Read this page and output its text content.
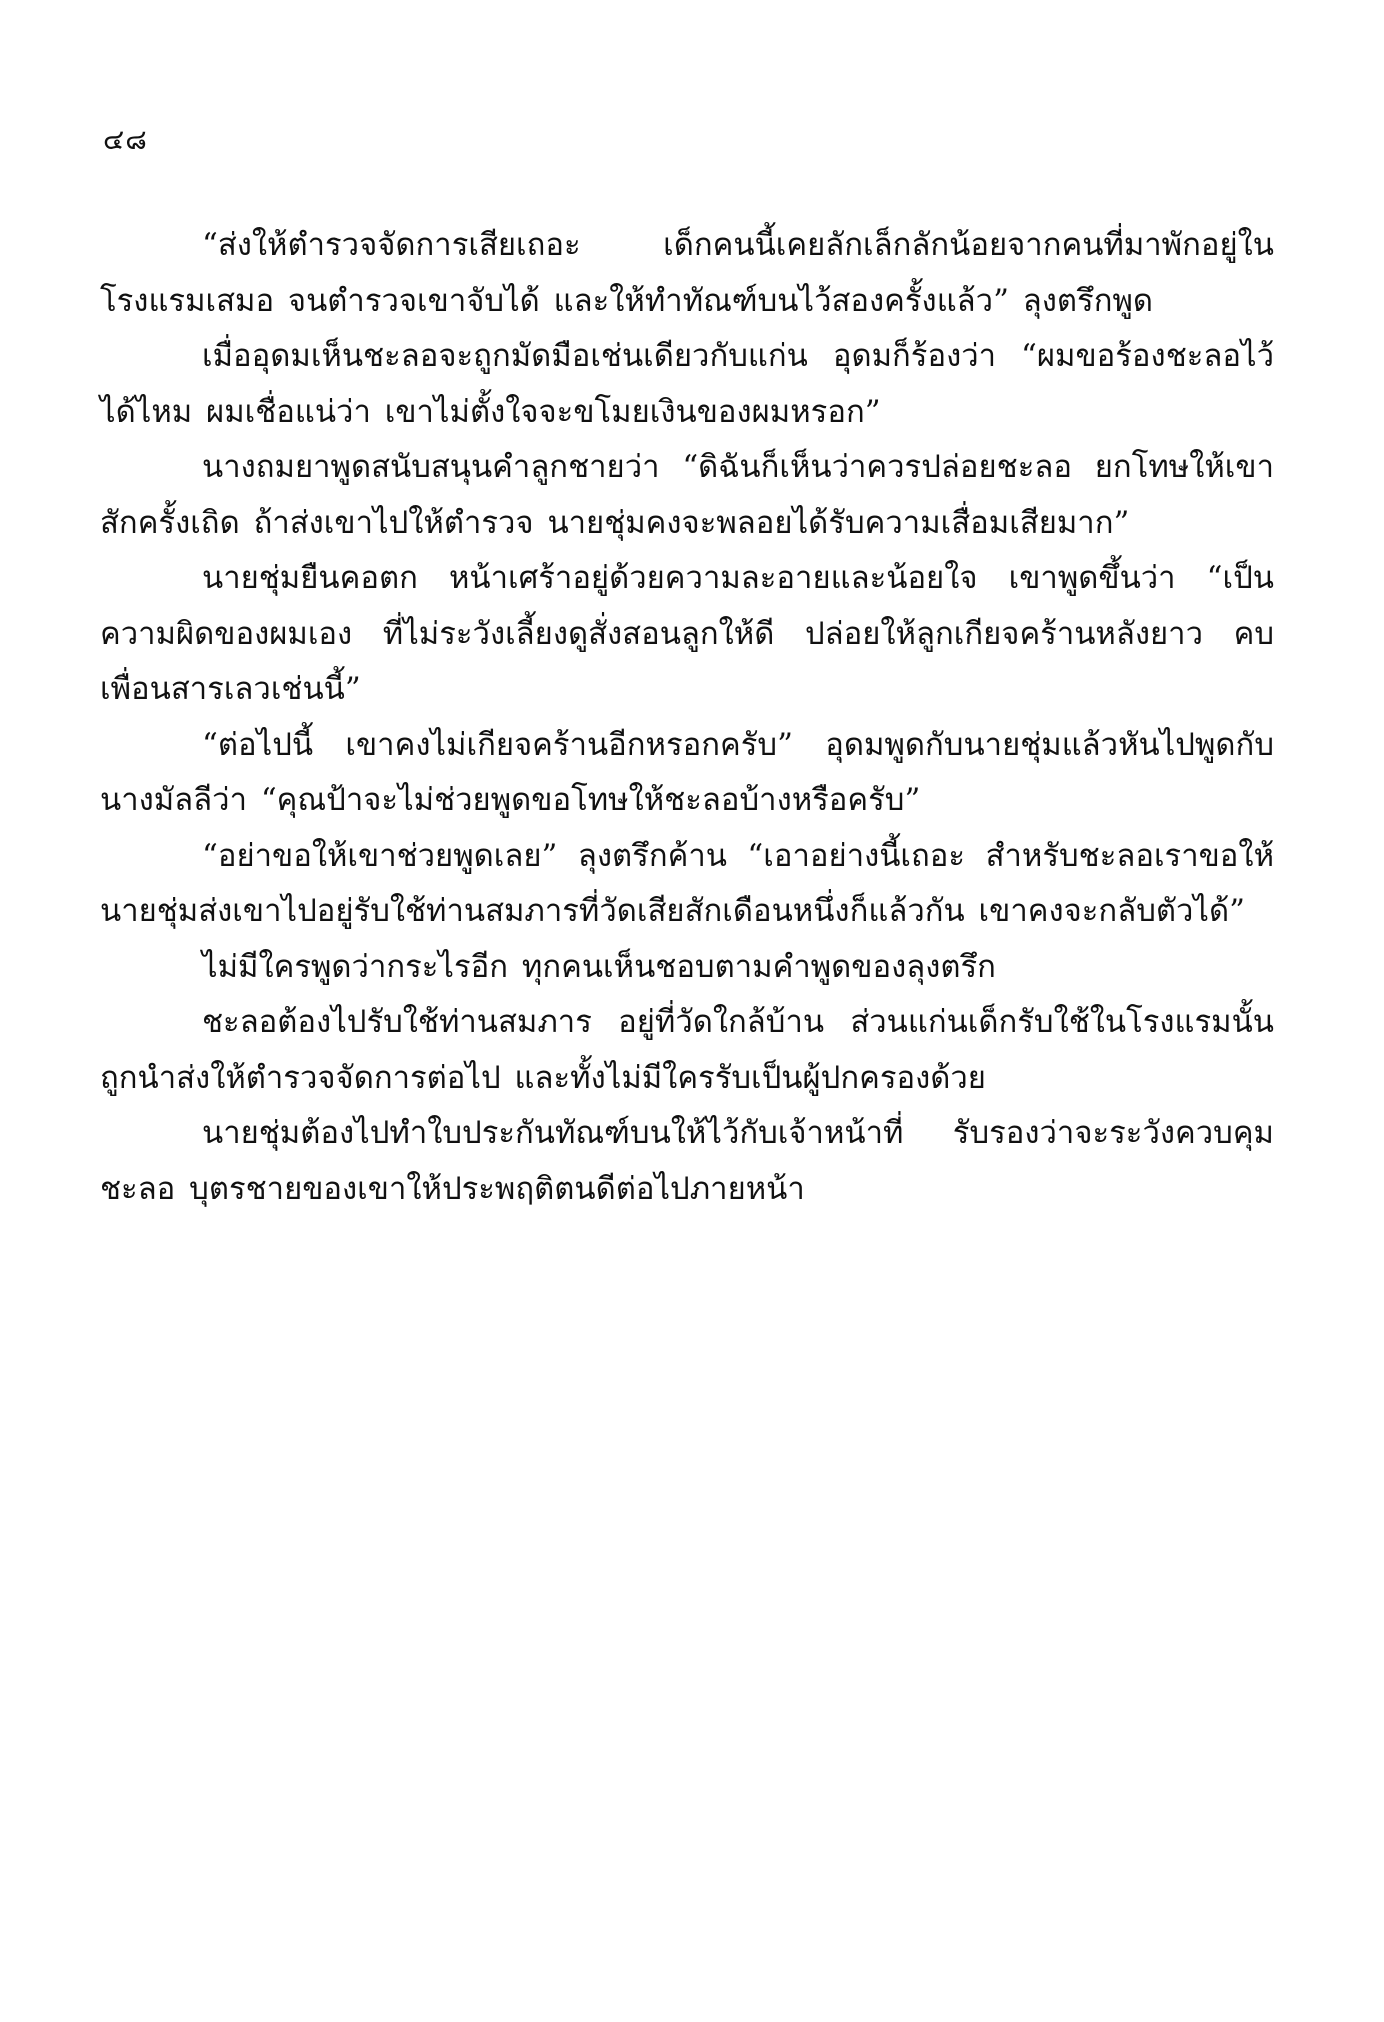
๔๘

“ส่งให้ตำรวจจัดการเสียเถอะ เด็กคนนี้เคยลักเล็กลักน้อยจากคนที่มาพักอยู่ในโรงแรมเสมอ จนตำรวจเขาจับได้ และให้ทำทัณฑ์บนไว้สองครั้งแล้ว” ลุงตรึกพูด

เมื่ออุดมเห็นชะลอจะถูกมัดมือเช่นเดียวกับแก่น อุดมก็ร้องว่า “ผมขอร้องชะลอไว้ได้ไหม ผมเชื่อแน่ว่า เขาไม่ตั้งใจจะขโมยเงินของผมหรอก”

นางถมยาพูดสนับสนุนคำลูกชายว่า “ดิฉันก็เห็นว่าควรปล่อยชะลอ ยกโทษให้เขาสักครั้งเถิด ถ้าส่งเขาไปให้ตำรวจ นายชุ่มคงจะพลอยได้รับความเสื่อมเสียมาก”

นายชุ่มยืนคอตก หน้าเศร้าอยู่ด้วยความละอายและน้อยใจ เขาพูดขึ้นว่า “เป็นความผิดของผมเอง ที่ไม่ระวังเลี้ยงดูสั่งสอนลูกให้ดี ปล่อยให้ลูกเกียจคร้านหลังยาว คบเพื่อนสารเลวเช่นนี้”

“ต่อไปนี้ เขาคงไม่เกียจคร้านอีกหรอกครับ” อุดมพูดกับนายชุ่มแล้วหันไปพูดกับนางมัลลีว่า “คุณป้าจะไม่ช่วยพูดขอโทษให้ชะลอบ้างหรือครับ”

“อย่าขอให้เขาช่วยพูดเลย” ลุงตรึกค้าน “เอาอย่างนี้เถอะ สำหรับชะลอเราขอให้นายชุ่มส่งเขาไปอยู่รับใช้ท่านสมภารที่วัดเสียสักเดือนหนึ่งก็แล้วกัน เขาคงจะกลับตัวได้”

ไม่มีใครพูดว่ากระไรอีก ทุกคนเห็นชอบตามคำพูดของลุงตรึก

ชะลอต้องไปรับใช้ท่านสมภาร อยู่ที่วัดใกล้บ้าน ส่วนแก่นเด็กรับใช้ในโรงแรมนั้นถูกนำส่งให้ตำรวจจัดการต่อไป และทั้งไม่มีใครรับเป็นผู้ปกครองด้วย

นายชุ่มต้องไปทำใบประกันทัณฑ์บนให้ไว้กับเจ้าหน้าที่ รับรองว่าจะระวังควบคุมชะลอ บุตรชายของเขาให้ประพฤติตนดีต่อไปภายหน้า
